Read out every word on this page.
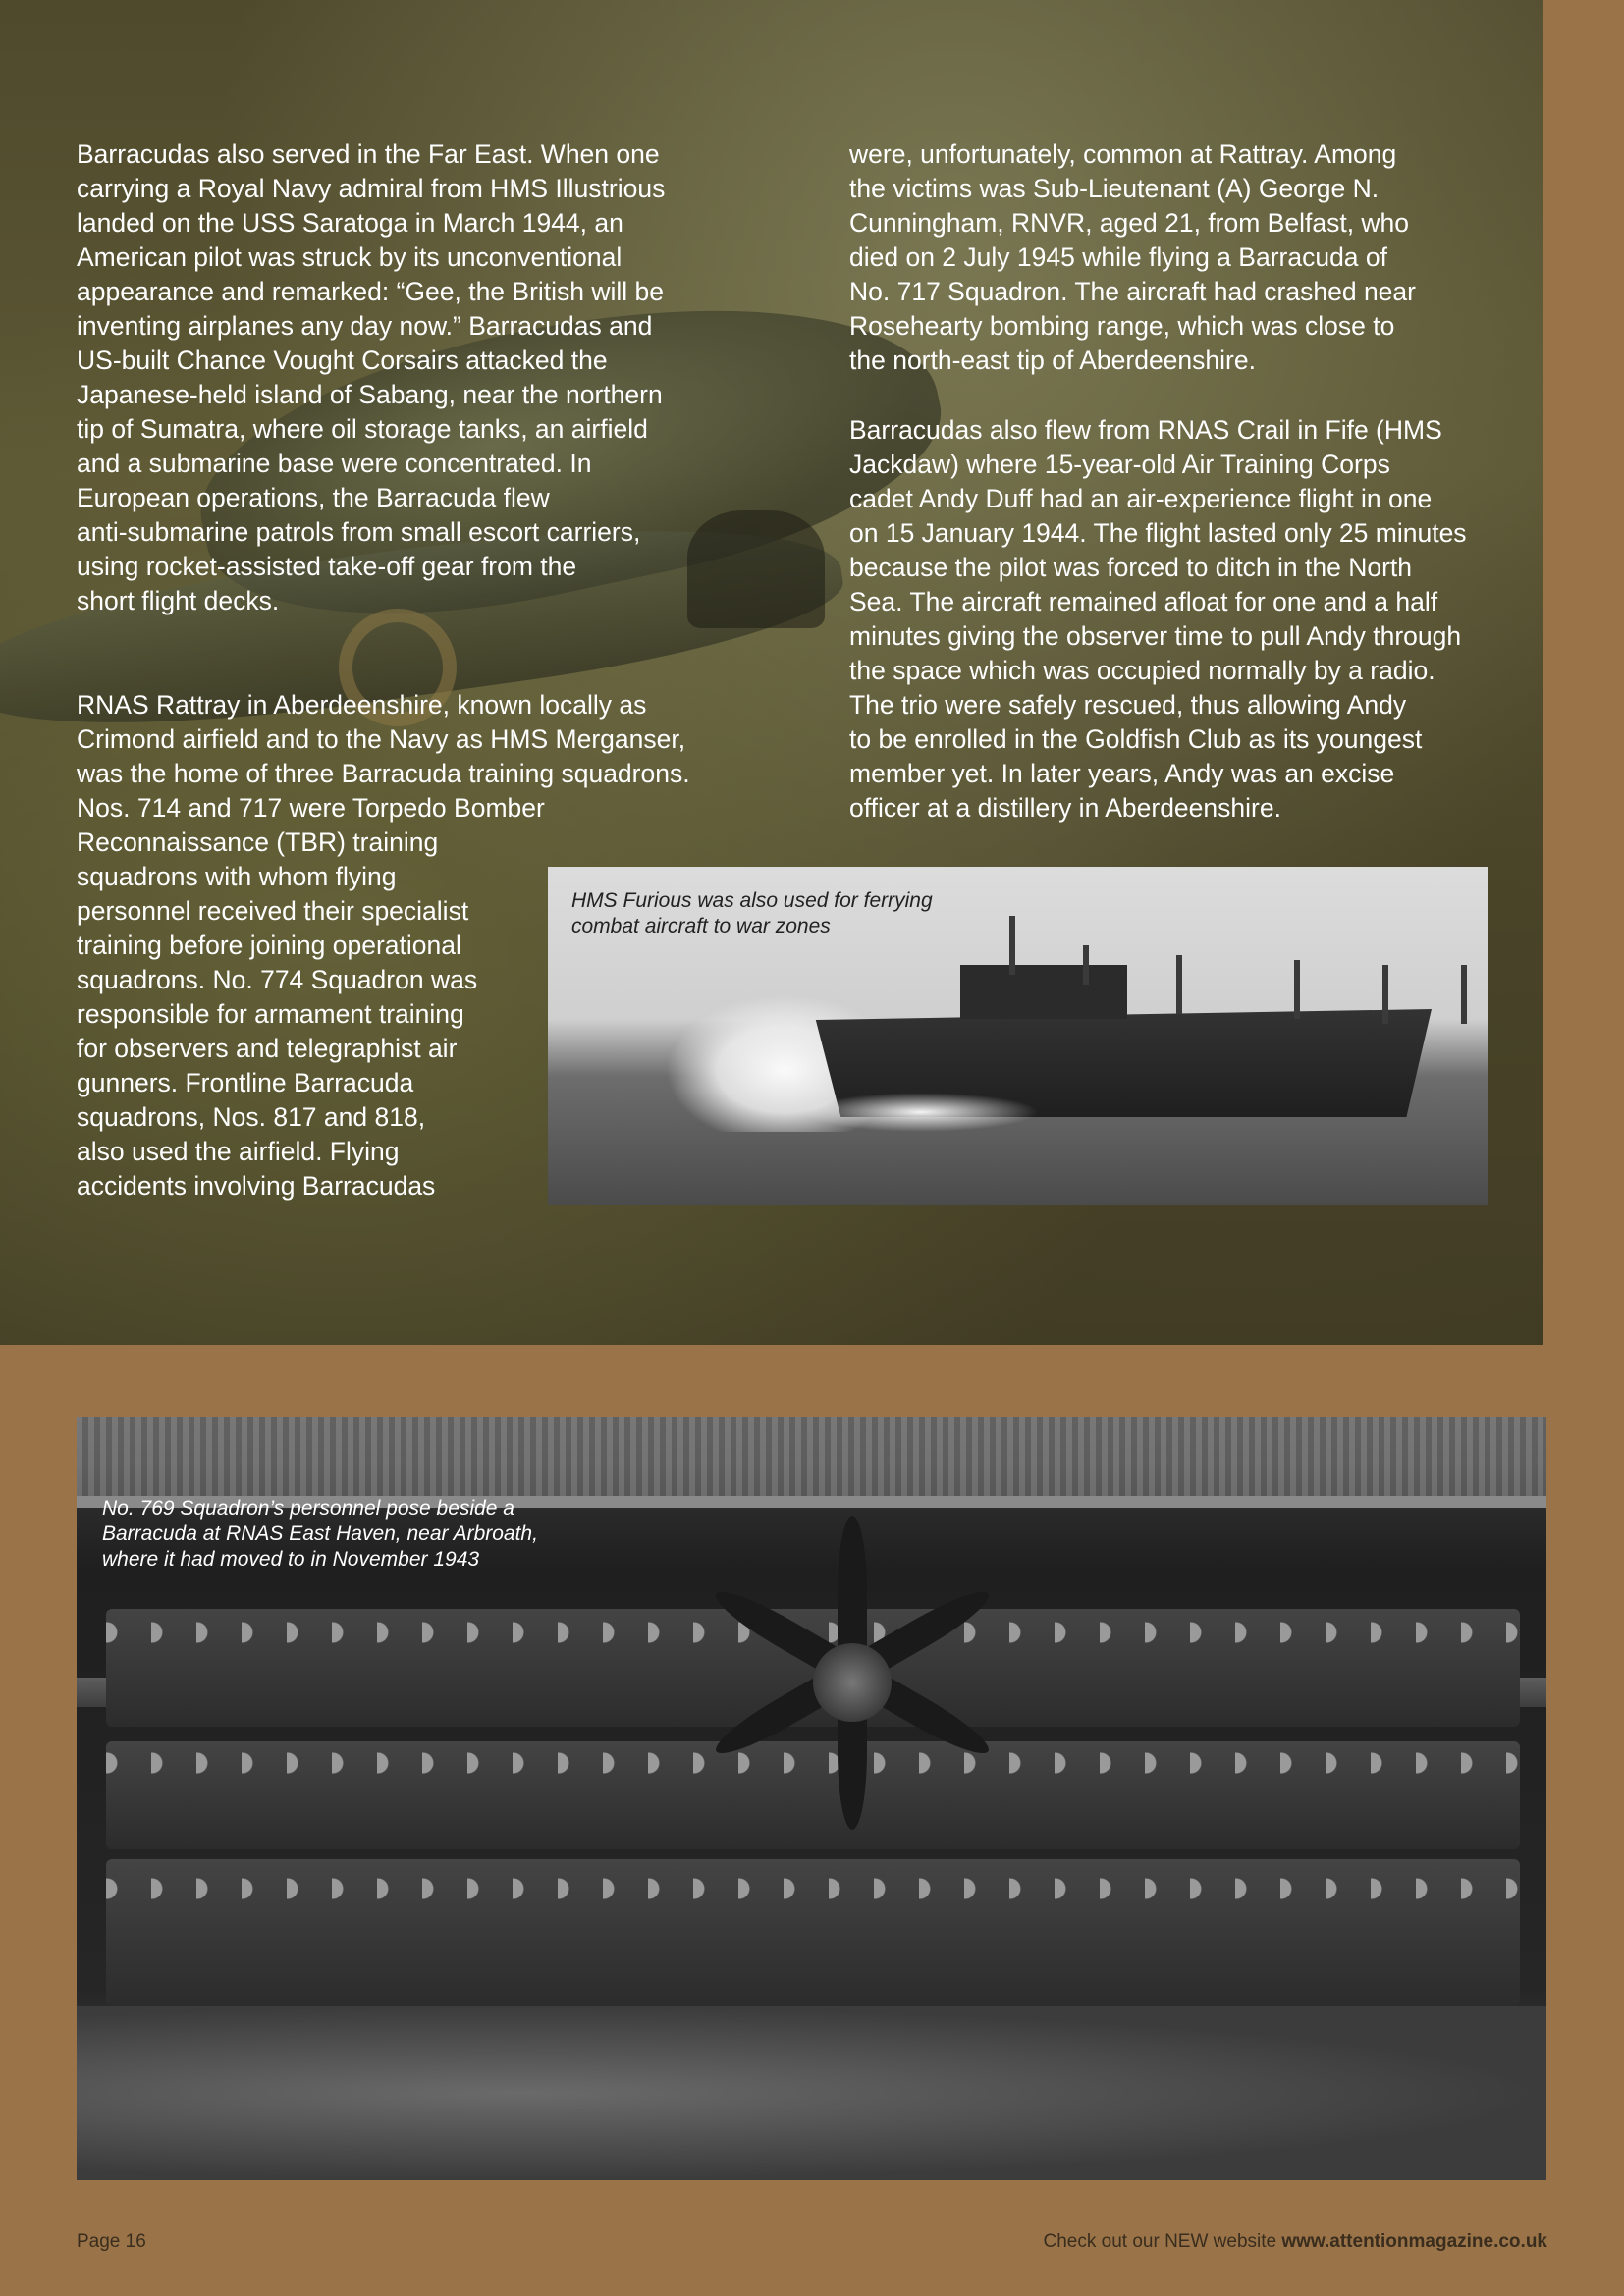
Barracudas also served in the Far East. When one
carrying a Royal Navy admiral from HMS Illustrious
landed on the USS Saratoga in March 1944, an
American pilot was struck by its unconventional
appearance and remarked: “Gee, the British will be
inventing airplanes any day now.” Barracudas and
US-built Chance Vought Corsairs attacked the
Japanese-held island of Sabang, near the northern
tip of Sumatra, where oil storage tanks, an airfield
and a submarine base were concentrated. In
European operations, the Barracuda flew
anti-submarine patrols from small escort carriers,
using rocket-assisted take-off gear from the
short flight decks.

RNAS Rattray in Aberdeenshire, known locally as
Crimond airfield and to the Navy as HMS Merganser,
was the home of three Barracuda training squadrons.
Nos. 714 and 717 were Torpedo Bomber
Reconnaissance (TBR) training
squadrons with whom flying
personnel received their specialist
training before joining operational
squadrons. No. 774 Squadron was
responsible for armament training
for observers and telegraphist air
gunners. Frontline Barracuda
squadrons, Nos. 817 and 818,
also used the airfield. Flying
accidents involving Barracudas

were, unfortunately, common at Rattray. Among
the victims was Sub-Lieutenant (A) George N.
Cunningham, RNVR, aged 21, from Belfast, who
died on 2 July 1945 while flying a Barracuda of
No. 717 Squadron. The aircraft had crashed near
Rosehearty bombing range, which was close to
the north-east tip of Aberdeenshire.

Barracudas also flew from RNAS Crail in Fife (HMS
Jackdaw) where 15-year-old Air Training Corps
cadet Andy Duff had an air-experience flight in one
on 15 January 1944. The flight lasted only 25 minutes
because the pilot was forced to ditch in the North
Sea. The aircraft remained afloat for one and a half
minutes giving the observer time to pull Andy through
the space which was occupied normally by a radio.
The trio were safely rescued, thus allowing Andy
to be enrolled in the Goldfish Club as its youngest
member yet. In later years, Andy was an excise
officer at a distillery in Aberdeenshire.

HMS Furious was also used for ferrying
combat aircraft to war zones

No. 769 Squadron’s personnel pose beside a
Barracuda at RNAS East Haven, near Arbroath,
where it had moved to in November 1943

Page 16	Check out our NEW website www.attentionmagazine.co.uk
